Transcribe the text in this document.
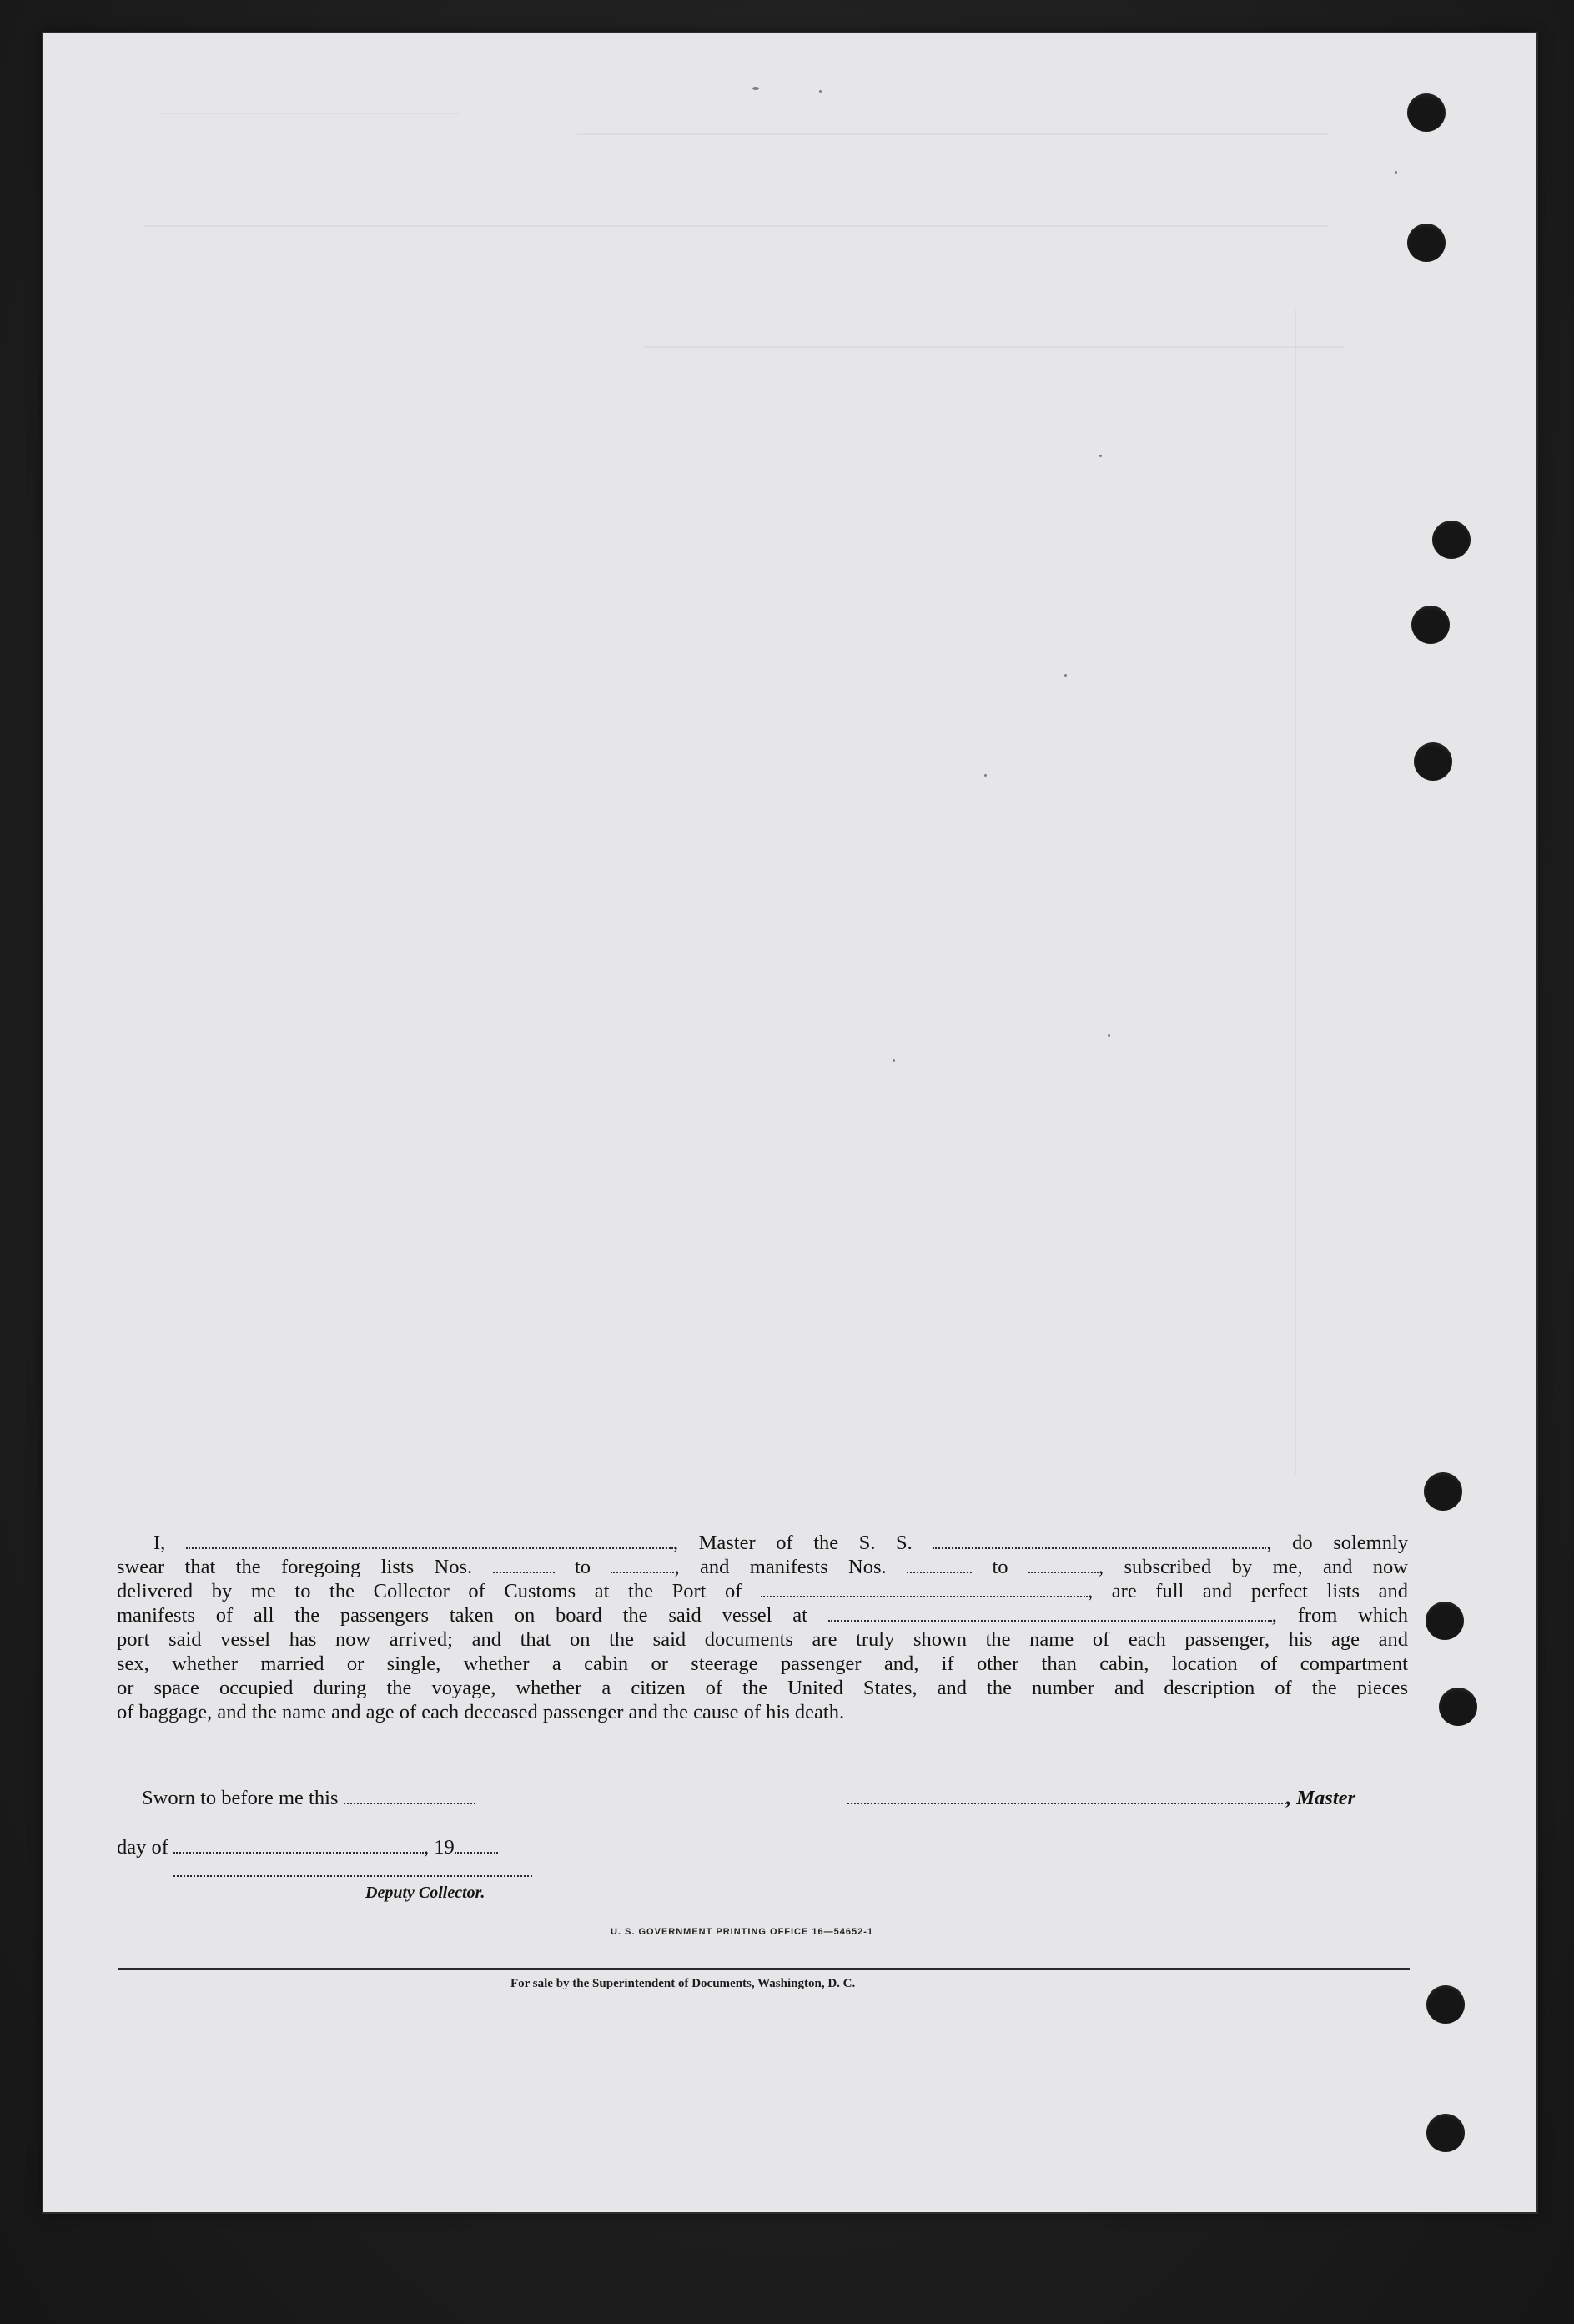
I,	, Master of the S. S.	, do solemnly
swear that the foregoing lists Nos.	to	, and manifests Nos.	to	, subscribed by me, and now
delivered by me to the Collector of Customs at the Port of	, are full and perfect lists and
manifests of all the passengers taken on board the said vessel at	, from which
port said vessel has now arrived; and that on the said documents are truly shown the name of each passenger, his age and
sex, whether married or single, whether a cabin or steerage passenger and, if other than cabin, location of compartment
or space occupied during the voyage, whether a citizen of the United States, and the number and description of the pieces
of baggage, and the name and age of each deceased passenger and the cause of his death.
Sworn to before me this	, Master
day of	, 19
Deputy Collector.
U. S. GOVERNMENT PRINTING OFFICE 16—54652-1
For sale by the Superintendent of Documents, Washington, D. C.
